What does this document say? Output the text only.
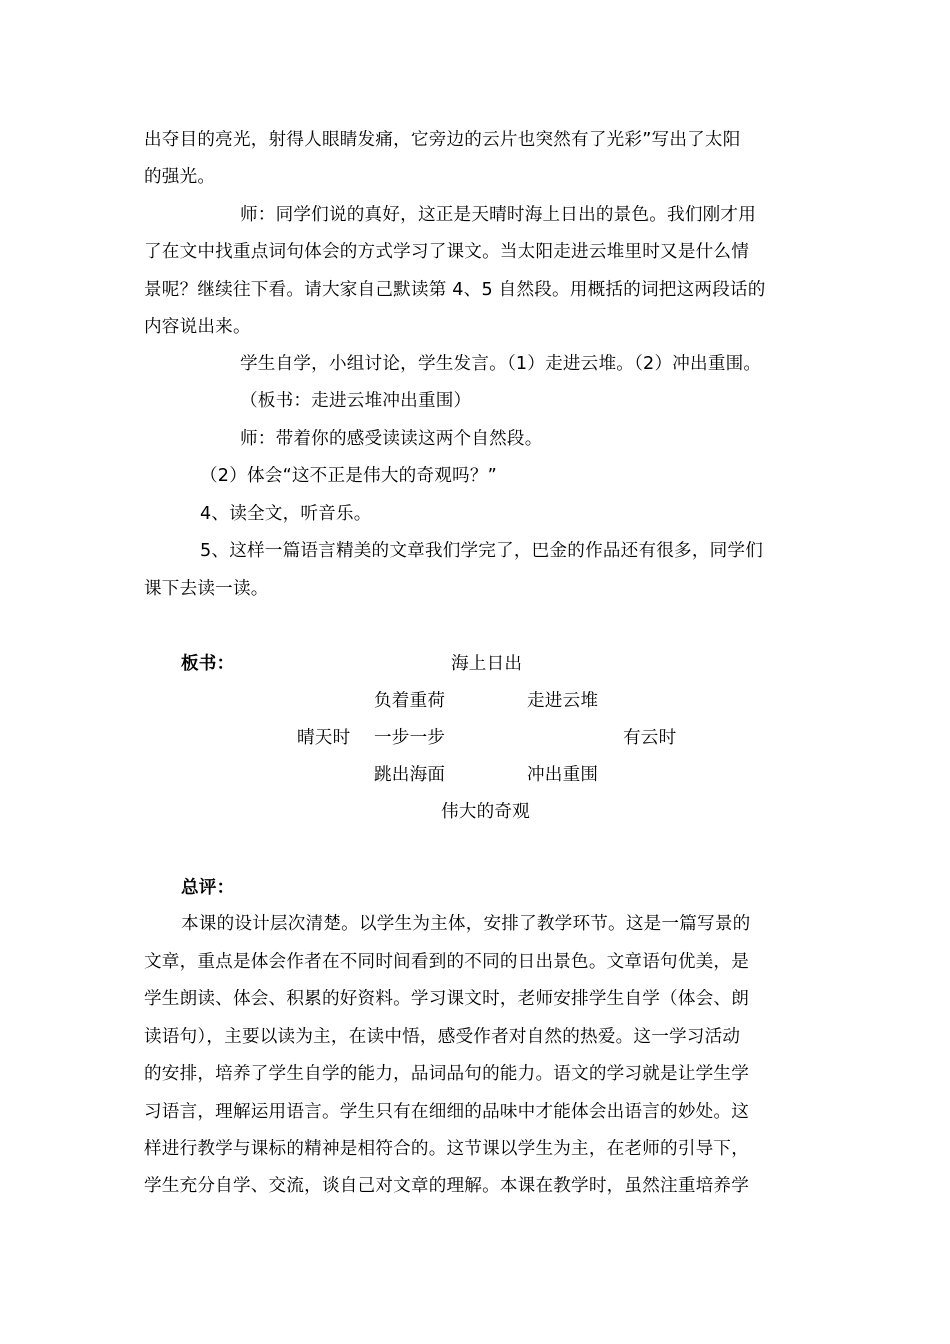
出夺目的亮光，射得人眼睛发痛，它旁边的云片也突然有了光彩”写出了太阳
的强光。
师：同学们说的真好，这正是天晴时海上日出的景色。我们刚才用
了在文中找重点词句体会的方式学习了课文。当太阳走进云堆里时又是什么情
景呢？继续往下看。请大家自己默读第 4、5 自然段。用概括的词把这两段话的
内容说出来。
学生自学，小组讨论，学生发言。（1）走进云堆。（2）冲出重围。
（板书：走进云堆冲出重围）
师：带着你的感受读读这两个自然段。
（2）体会“这不正是伟大的奇观吗？”
4、读全文，听音乐。
5、这样一篇语言精美的文章我们学完了，巴金的作品还有很多，同学们
课下去读一读。
板书：	海上日出
负着重荷	走进云堆
晴天时 一步一步	有云时
跳出海面	冲出重围
伟大的奇观
总评：
本课的设计层次清楚。以学生为主体，安排了教学环节。这是一篇写景的
文章，重点是体会作者在不同时间看到的不同的日出景色。文章语句优美，是
学生朗读、体会、积累的好资料。学习课文时，老师安排学生自学（体会、朗
读语句），主要以读为主，在读中悟，感受作者对自然的热爱。这一学习活动
的安排，培养了学生自学的能力，品词品句的能力。语文的学习就是让学生学
习语言，理解运用语言。学生只有在细细的品味中才能体会出语言的妙处。这
样进行教学与课标的精神是相符合的。这节课以学生为主，在老师的引导下，
学生充分自学、交流，谈自己对文章的理解。本课在教学时，虽然注重培养学
